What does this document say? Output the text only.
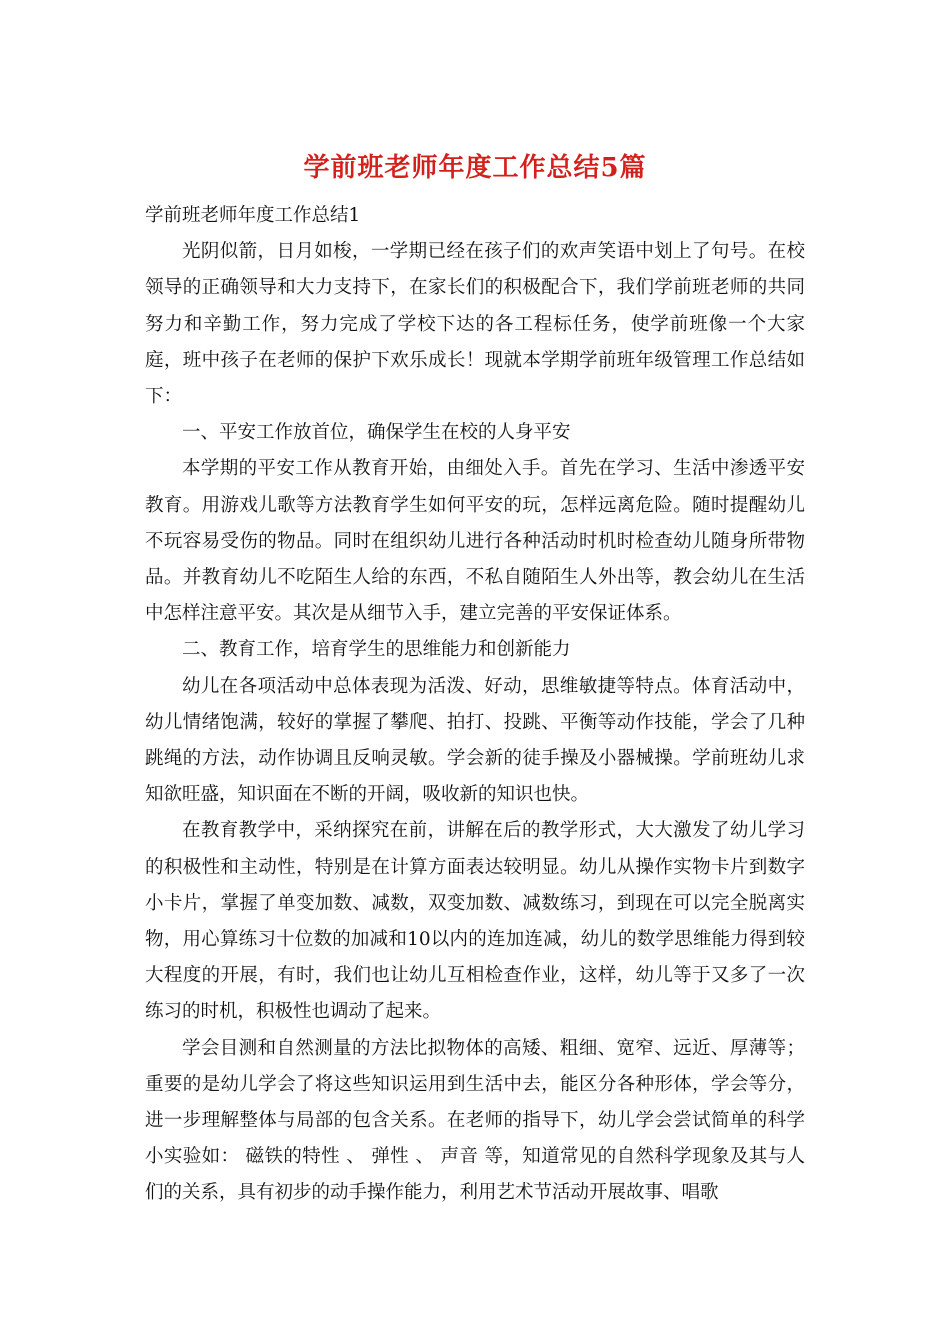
学前班老师年度工作总结5篇

学前班老师年度工作总结1

光阴似箭，日月如梭，一学期已经在孩子们的欢声笑语中划上了句号。在校领导的正确领导和大力支持下，在家长们的积极配合下，我们学前班老师的共同努力和辛勤工作，努力完成了学校下达的各工程标任务，使学前班像一个大家庭，班中孩子在老师的保护下欢乐成长！现就本学期学前班年级管理工作总结如下：

一、平安工作放首位，确保学生在校的人身平安

本学期的平安工作从教育开始，由细处入手。首先在学习、生活中渗透平安教育。用游戏儿歌等方法教育学生如何平安的玩，怎样远离危险。随时提醒幼儿不玩容易受伤的物品。同时在组织幼儿进行各种活动时机时检查幼儿随身所带物品。并教育幼儿不吃陌生人给的东西，不私自随陌生人外出等，教会幼儿在生活中怎样注意平安。其次是从细节入手，建立完善的平安保证体系。

二、教育工作，培育学生的思维能力和创新能力

幼儿在各项活动中总体表现为活泼、好动，思维敏捷等特点。体育活动中，幼儿情绪饱满，较好的掌握了攀爬、拍打、投跳、平衡等动作技能，学会了几种跳绳的方法，动作协调且反响灵敏。学会新的徒手操及小器械操。学前班幼儿求知欲旺盛，知识面在不断的开阔，吸收新的知识也快。

在教育教学中，采纳探究在前，讲解在后的教学形式，大大激发了幼儿学习的积极性和主动性，特别是在计算方面表达较明显。幼儿从操作实物卡片到数字小卡片，掌握了单变加数、减数，双变加数、减数练习，到现在可以完全脱离实物，用心算练习十位数的加减和10以内的连加连减，幼儿的数学思维能力得到较大程度的开展，有时，我们也让幼儿互相检查作业，这样，幼儿等于又多了一次练习的时机，积极性也调动了起来。

学会目测和自然测量的方法比拟物体的高矮、粗细、宽窄、远近、厚薄等；重要的是幼儿学会了将这些知识运用到生活中去，能区分各种形体，学会等分，进一步理解整体与局部的包含关系。在老师的指导下，幼儿学会尝试简单的科学小实验如： 磁铁的特性 、 弹性 、 声音 等，知道常见的自然科学现象及其与人们的关系，具有初步的动手操作能力，利用艺术节活动开展故事、唱歌
